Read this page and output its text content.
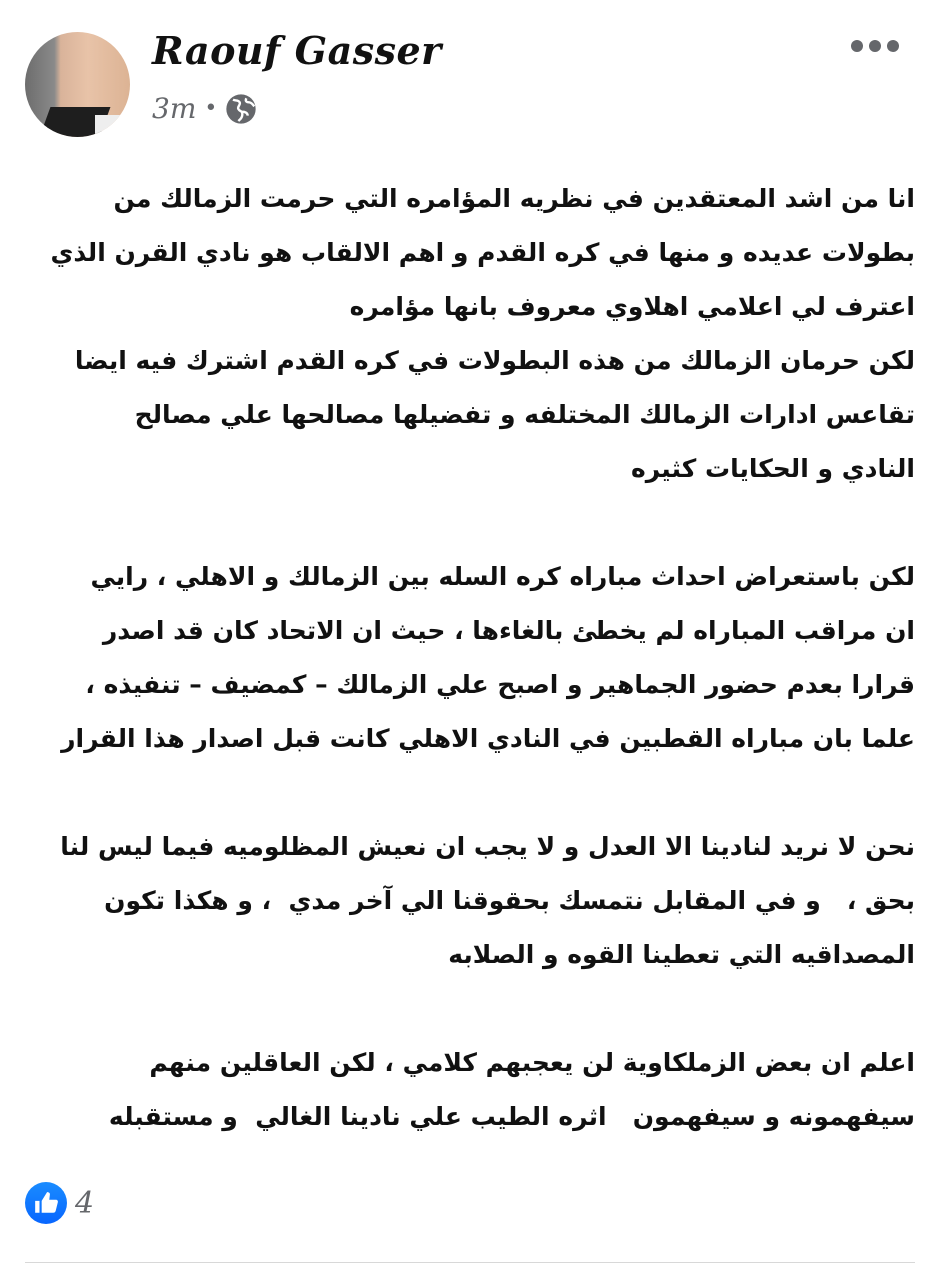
Raouf Gasser
3m •
انا من اشد المعتقدين في نظريه المؤامره التي حرمت الزمالك من
بطولات عديده و منها في كره القدم و اهم الالقاب هو نادي القرن الذي
اعترف لي اعلامي اهلاوي معروف بانها مؤامره
لكن حرمان الزمالك من هذه البطولات في كره القدم اشترك فيه ايضا
تقاعس ادارات الزمالك المختلفه و تفضيلها مصالحها علي مصالح
النادي و الحكايات كثيره
لكن باستعراض احداث مباراه كره السله بين الزمالك و الاهلي ، رايي
ان مراقب المباراه لم يخطئ بالغاءها ، حيث ان الاتحاد كان قد اصدر
قرارا بعدم حضور الجماهير و اصبح علي الزمالك – كمضيف – تنفيذه ،
علما بان مباراه القطبين في النادي الاهلي كانت قبل اصدار هذا القرار
نحن لا نريد لنادينا الا العدل و لا يجب ان نعيش المظلوميه فيما ليس لنا
بحق ،   و في المقابل نتمسك بحقوقنا الي آخر مدي  ، و هكذا تكون
المصداقيه التي تعطينا القوه و الصلابه
اعلم ان بعض الزملكاوية لن يعجبهم كلامي ، لكن العاقلين منهم
سيفهمونه و سيفهمون   اثره الطيب علي نادينا الغالي  و مستقبله
4
